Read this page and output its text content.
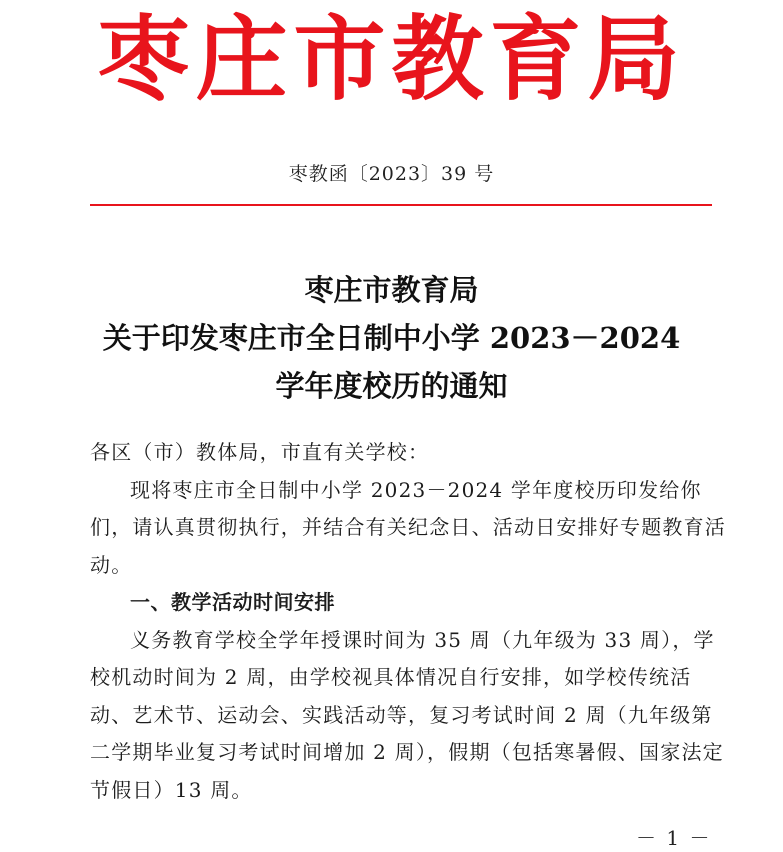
枣庄市教育局
枣教函〔2023〕39 号
枣庄市教育局
关于印发枣庄市全日制中小学 2023－2024
学年度校历的通知

各区（市）教体局，市直有关学校：

现将枣庄市全日制中小学 2023－2024 学年度校历印发给你们，请认真贯彻执行，并结合有关纪念日、活动日安排好专题教育活动。

一、教学活动时间安排

义务教育学校全学年授课时间为 35 周（九年级为 33 周），学校机动时间为 2 周，由学校视具体情况自行安排，如学校传统活动、艺术节、运动会、实践活动等，复习考试时间 2 周（九年级第二学期毕业复习考试时间增加 2 周），假期（包括寒暑假、国家法定节假日）13 周。

－ 1 －
